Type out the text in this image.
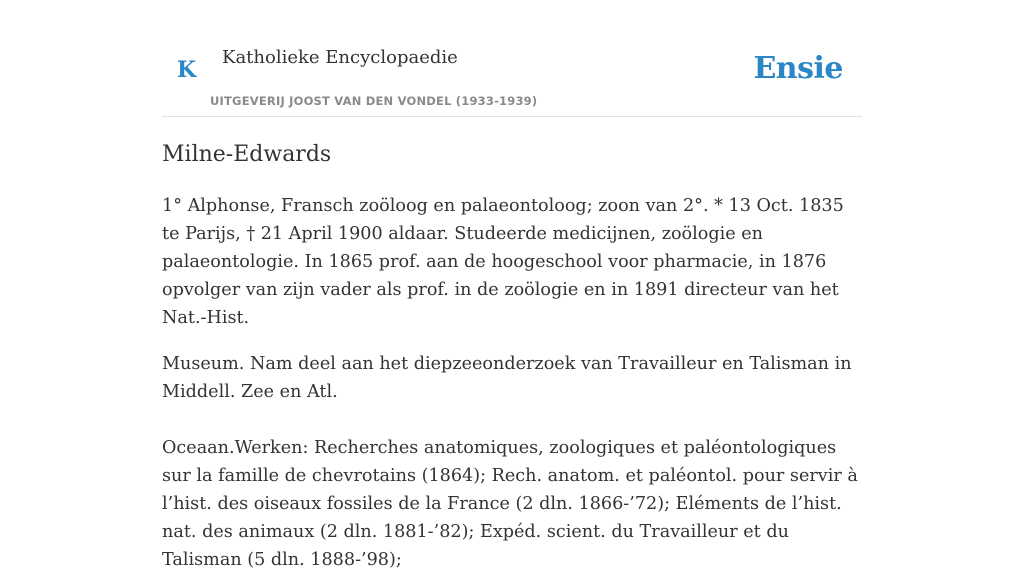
K Katholieke Encyclopaedie
UITGEVERIJ JOOST VAN DEN VONDEL (1933-1939)
Ensie
Milne-Edwards

1° Alphonse, Fransch zoöloog en palaeontoloog; zoon van 2°. * 13 Oct. 1835 te Parijs, † 21 April 1900 aldaar. Studeerde medicijnen, zoölogie en palaeontologie. In 1865 prof. aan de hoogeschool voor pharmacie, in 1876 opvolger van zijn vader als prof. in de zoölogie en in 1891 directeur van het Nat.-Hist.

Museum. Nam deel aan het diepzeeonderzoek van Travailleur en Talisman in Middell. Zee en Atl.

Oceaan.Werken: Recherches anatomiques, zoologiques et paléontologiques sur la famille de chevrotains (1864); Rech. anatom. et paléontol. pour servir à l’hist. des oiseaux fossiles de la France (2 dln. 1866-’72); Eléments de l’hist. nat. des animaux (2 dln. 1881-’82); Expéd. scient. du Travailleur et du Talisman (5 dln. 1888-’98);
